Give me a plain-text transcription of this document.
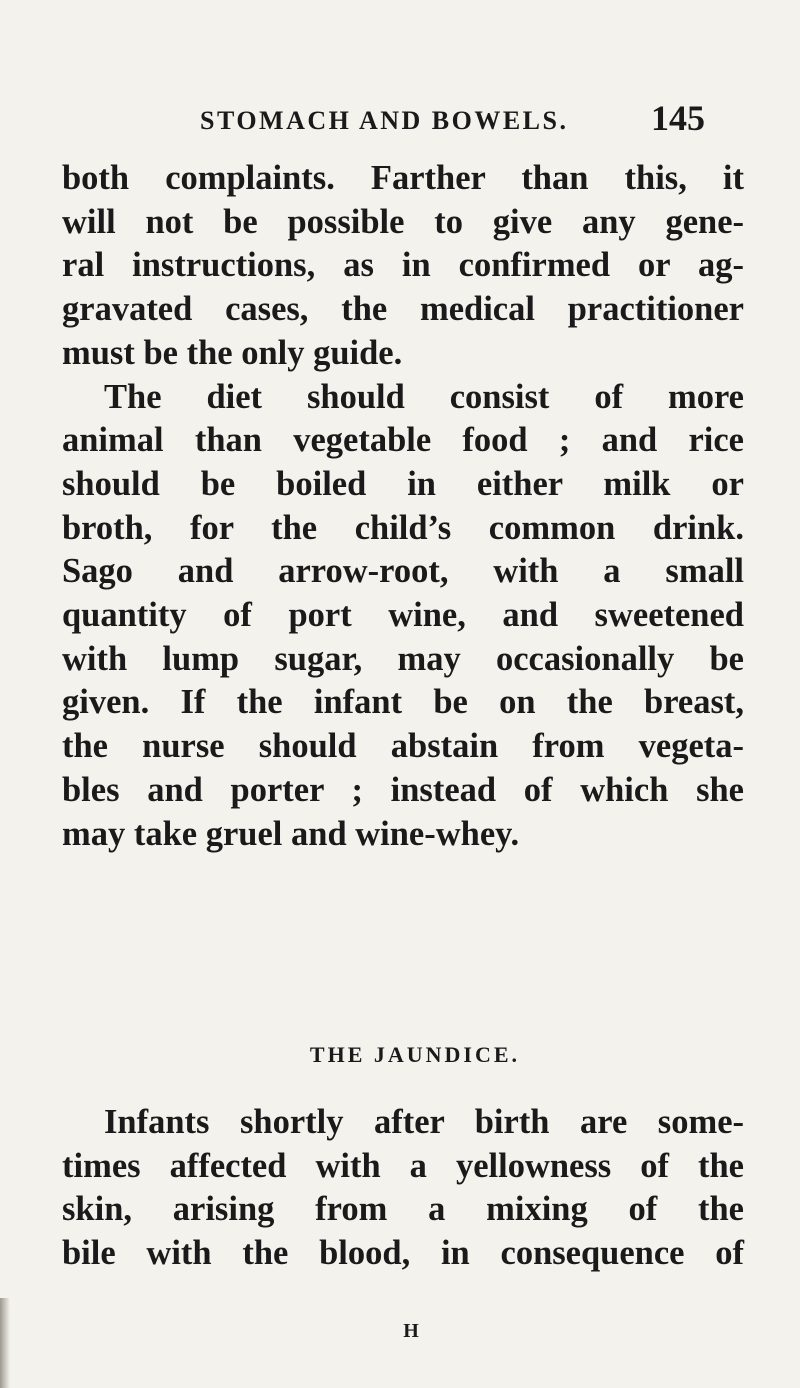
STOMACH AND BOWELS. 145
both complaints. Farther than this, it
will not be possible to give any gene-
ral instructions, as in confirmed or ag-
gravated cases, the medical practitioner
must be the only guide.
The diet should consist of more
animal than vegetable food ; and rice
should be boiled in either milk or
broth, for the child’s common drink.
Sago and arrow-root, with a small
quantity of port wine, and sweetened
with lump sugar, may occasionally be
given. If the infant be on the breast,
the nurse should abstain from vegeta-
bles and porter ; instead of which she
may take gruel and wine-whey.
THE JAUNDICE.
Infants shortly after birth are some-
times affected with a yellowness of the
skin, arising from a mixing of the
bile with the blood, in consequence of
H
